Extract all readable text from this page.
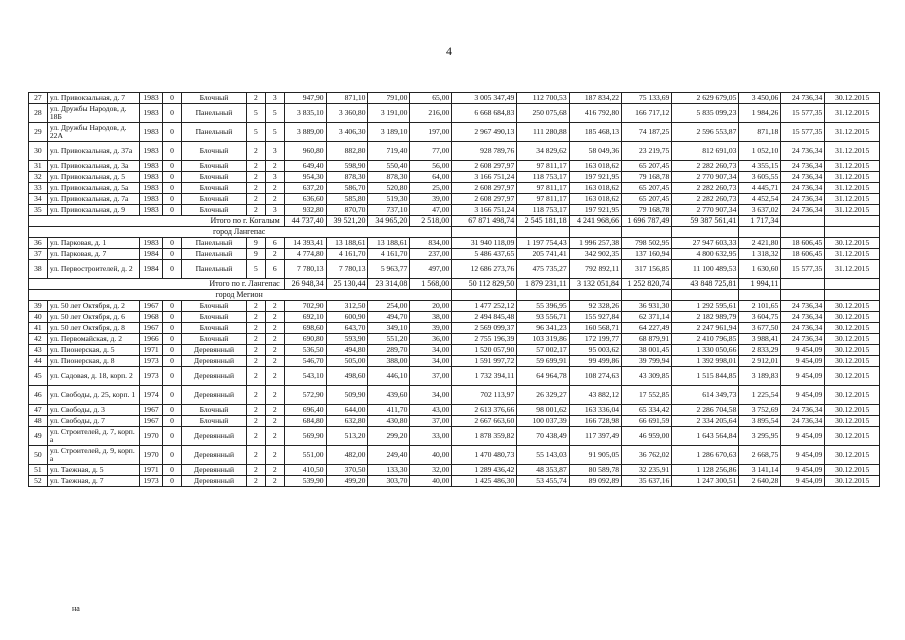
4
27	ул. Привокзальная, д. 7	1983	0	Блочный	2	3	947,90	871,10	791,00	65,00	3 005 347,49	112 700,53	187 834,22	75 133,69	2 629 679,05	3 450,06	24 736,34	30.12.2015
28	ул. Дружбы Народов, д. 18Б	1983	0	Панельный	5	5	3 835,10	3 360,80	3 191,00	216,00	6 668 684,83	250 075,68	416 792,80	166 717,12	5 835 099,23	1 984,26	15 577,35	31.12.2015
29	ул. Дружбы Народов, д. 22А	1983	0	Панельный	5	5	3 889,00	3 406,30	3 189,10	197,00	2 967 490,13	111 280,88	185 468,13	74 187,25	2 596 553,87	871,18	15 577,35	31.12.2015
30	ул. Привокзальная, д. 37а	1983	0	Блочный	2	3	960,80	882,80	719,40	77,00	928 789,76	34 829,62	58 049,36	23 219,75	812 691,03	1 052,10	24 736,34	31.12.2015
31	ул. Привокзальная, д. 3а	1983	0	Блочный	2	2	649,40	598,90	550,40	56,00	2 608 297,97	97 811,17	163 018,62	65 207,45	2 282 260,73	4 355,15	24 736,34	31.12.2015
32	ул. Привокзальная, д. 5	1983	0	Блочный	2	3	954,30	878,30	878,30	64,00	3 166 751,24	118 753,17	197 921,95	79 168,78	2 770 907,34	3 605,55	24 736,34	31.12.2015
33	ул. Привокзальная, д. 5а	1983	0	Блочный	2	2	637,20	586,70	520,80	25,00	2 608 297,97	97 811,17	163 018,62	65 207,45	2 282 260,73	4 445,71	24 736,34	31.12.2015
34	ул. Привокзальная, д. 7а	1983	0	Блочный	2	2	636,60	585,80	519,30	39,00	2 608 297,97	97 811,17	163 018,62	65 207,45	2 282 260,73	4 452,54	24 736,34	31.12.2015
35	ул. Привокзальная, д. 9	1983	0	Блочный	2	3	932,80	870,70	737,10	47,00	3 166 751,24	118 753,17	197 921,95	79 168,78	2 770 907,34	3 637,02	24 736,34	31.12.2015
Итого по г. Когалым							44 737,40	39 521,20	34 965,20	2 518,00	67 871 498,74	2 545 181,18	4 241 968,66	1 696 787,49	59 387 561,41	1 717,34		
город Лангепас																		
36	ул. Парковая, д. 1	1983	0	Панельный	9	6	14 393,41	13 188,61	13 188,61	834,00	31 940 118,09	1 197 754,43	1 996 257,38	798 502,95	27 947 603,33	2 421,80	18 606,45	30.12.2015
37	ул. Парковая, д. 7	1984	0	Панельный	9	2	4 774,80	4 161,70	4 161,70	237,00	5 486 437,65	205 741,41	342 902,35	137 160,94	4 800 632,95	1 318,32	18 606,45	31.12.2015
38	ул. Первостроителей, д. 2	1984	0	Панельный	5	6	7 780,13	7 780,13	5 963,77	497,00	12 686 273,76	475 735,27	792 892,11	317 156,85	11 100 489,53	1 630,60	15 577,35	31.12.2015
Итого по г. Лангепас							26 948,34	25 130,44	23 314,08	1 568,00	50 112 829,50	1 879 231,11	3 132 051,84	1 252 820,74	43 848 725,81	1 994,11		
город Мегион																		
39	ул. 50 лет Октября, д. 2	1967	0	Блочный	2	2	702,90	312,50	254,00	20,00	1 477 252,12	55 396,95	92 328,26	36 931,30	1 292 595,61	2 101,65	24 736,34	30.12.2015
40	ул. 50 лет Октября, д. 6	1968	0	Блочный	2	2	692,10	600,90	494,70	38,00	2 494 845,48	93 556,71	155 927,84	62 371,14	2 182 989,79	3 604,75	24 736,34	30.12.2015
41	ул. 50 лет Октября, д. 8	1967	0	Блочный	2	2	698,60	643,70	349,10	39,00	2 569 099,37	96 341,23	160 568,71	64 227,49	2 247 961,94	3 677,50	24 736,34	30.12.2015
42	ул. Первомайская, д. 2	1966	0	Блочный	2	2	690,80	593,90	551,20	36,00	2 755 196,39	103 319,86	172 199,77	68 879,91	2 410 796,85	3 988,41	24 736,34	30.12.2015
43	ул. Пионерская, д. 5	1971	0	Деревянный	2	2	536,50	494,80	289,70	34,00	1 520 057,90	57 002,17	95 003,62	38 001,45	1 330 050,66	2 833,29	9 454,09	30.12.2015
44	ул. Пионерская, д. 8	1973	0	Деревянный	2	2	546,70	505,00	388,00	34,00	1 591 997,72	59 699,91	99 499,86	39 799,94	1 392 998,01	2 912,01	9 454,09	30.12.2015
45	ул. Садовая, д. 18, корп. 2	1973	0	Деревянный	2	2	543,10	498,60	446,10	37,00	1 732 394,11	64 964,78	108 274,63	43 309,85	1 515 844,85	3 189,83	9 454,09	30.12.2015
46	ул. Свободы, д. 25, корп. 1	1974	0	Деревянный	2	2	572,90	509,90	439,60	34,00	702 113,97	26 329,27	43 882,12	17 552,85	614 349,73	1 225,54	9 454,09	30.12.2015
47	ул. Свободы, д. 3	1967	0	Блочный	2	2	696,40	644,00	411,70	43,00	2 613 376,66	98 001,62	163 336,04	65 334,42	2 286 704,58	3 752,69	24 736,34	30.12.2015
48	ул. Свободы, д. 7	1967	0	Блочный	2	2	684,80	632,80	430,80	37,00	2 667 663,60	100 037,39	166 728,98	66 691,59	2 334 205,64	3 895,54	24 736,34	30.12.2015
49	ул. Строителей, д. 7, корп. а	1970	0	Деревянный	2	2	569,90	513,20	299,20	33,00	1 878 359,82	70 438,49	117 397,49	46 959,00	1 643 564,84	3 295,95	9 454,09	30.12.2015
50	ул. Строителей, д. 9, корп. а	1970	0	Деревянный	2	2	551,00	482,00	249,40	40,00	1 470 480,73	55 143,03	91 905,05	36 762,02	1 286 670,63	2 668,75	9 454,09	30.12.2015
51	ул. Таежная, д. 5	1971	0	Деревянный	2	2	410,50	370,50	133,30	32,00	1 289 436,42	48 353,87	80 589,78	32 235,91	1 128 256,86	3 141,14	9 454,09	30.12.2015
52	ул. Таежная, д. 7	1973	0	Деревянный	2	2	539,90	499,20	303,70	40,00	1 425 486,30	53 455,74	89 092,89	35 637,16	1 247 300,51	2 640,28	9 454,09	30.12.2015
на
